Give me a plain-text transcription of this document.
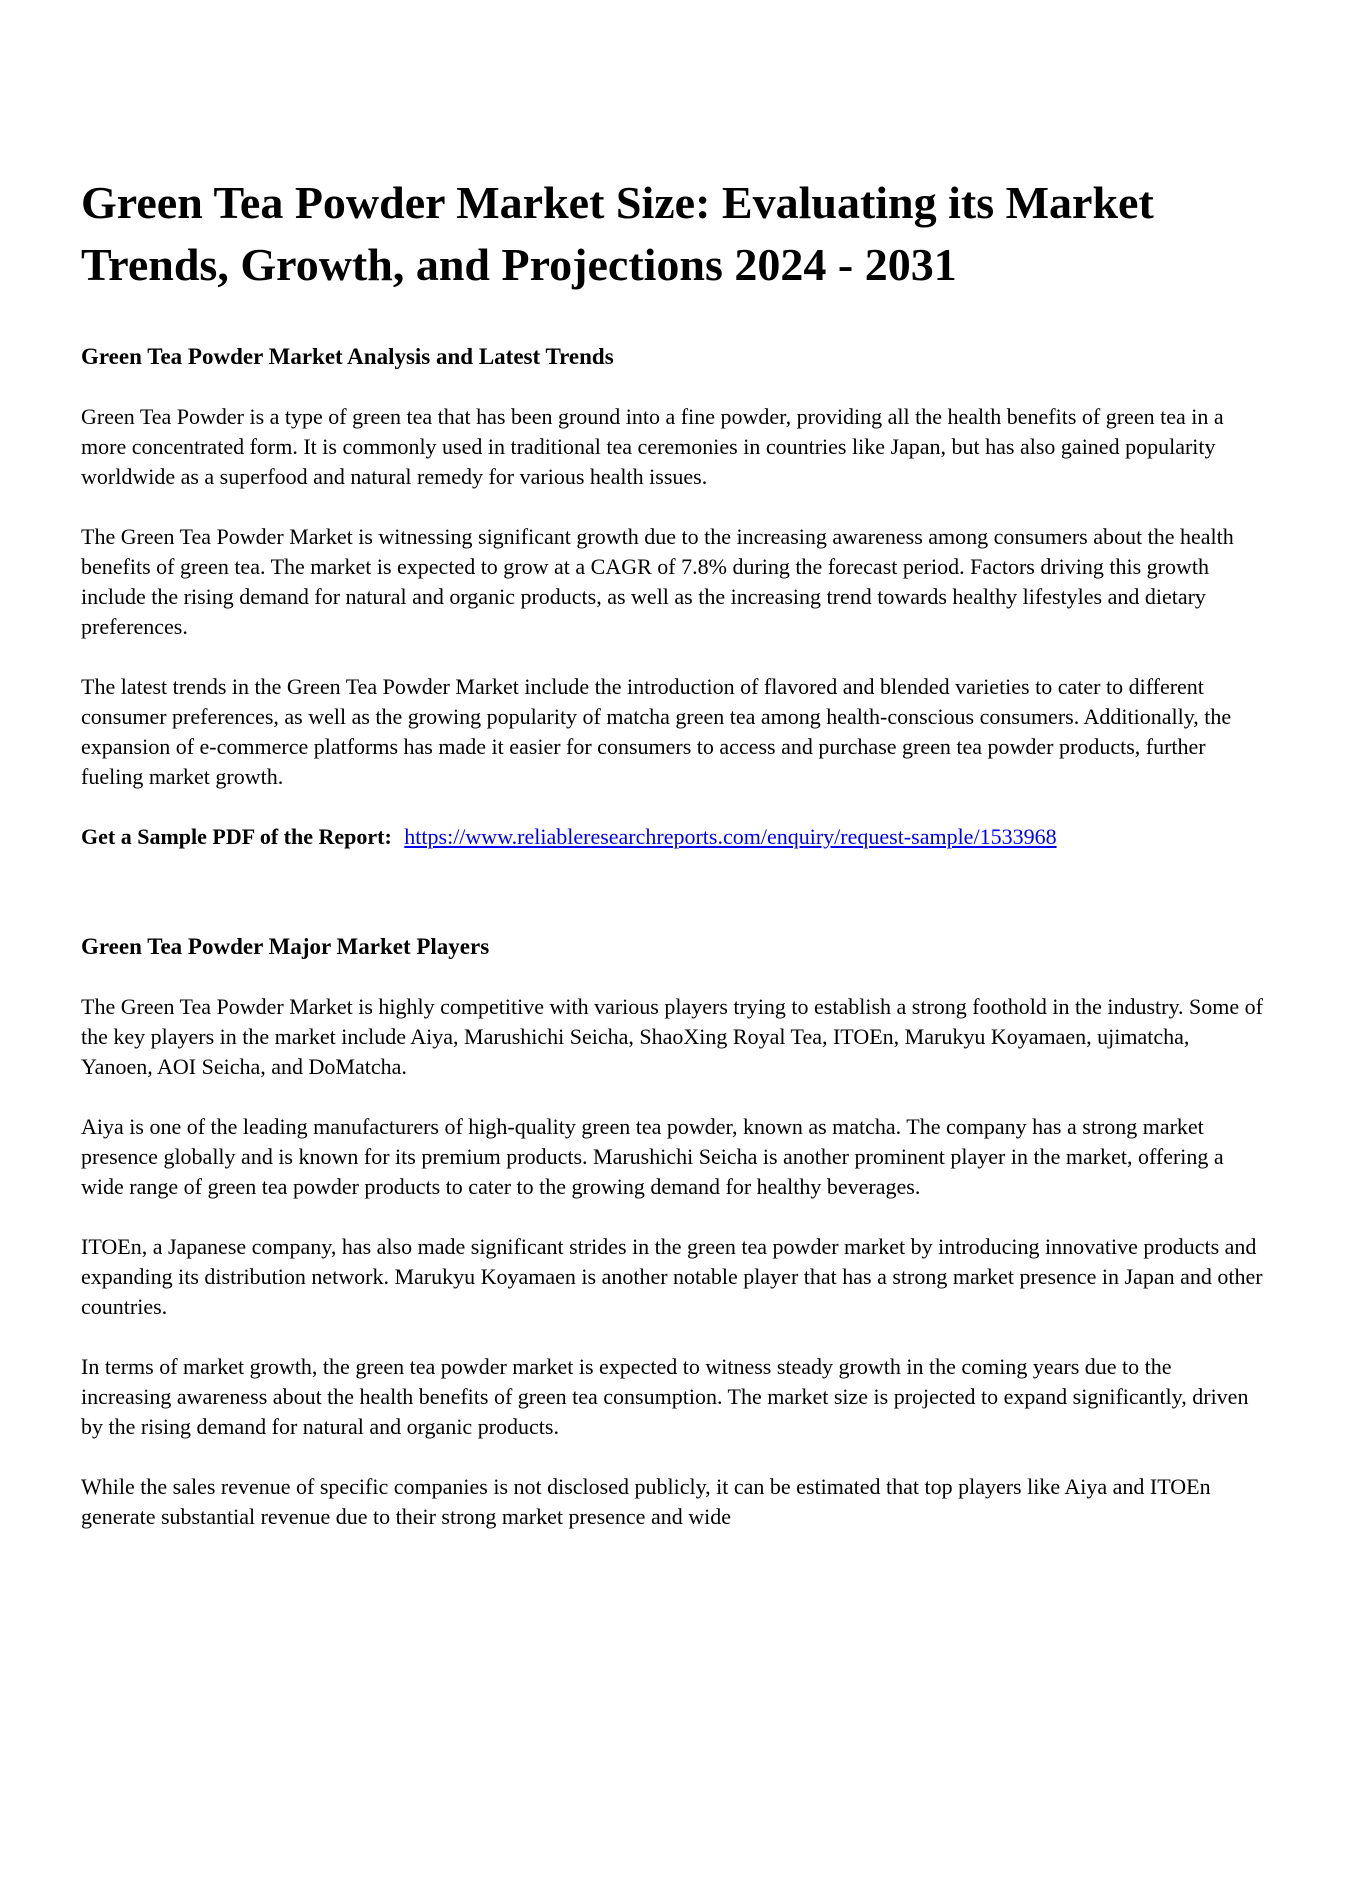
Green Tea Powder Market Size: Evaluating its Market Trends, Growth, and Projections 2024 - 2031
Green Tea Powder Market Analysis and Latest Trends

Green Tea Powder is a type of green tea that has been ground into a fine powder, providing all the health benefits of green tea in a more concentrated form. It is commonly used in traditional tea ceremonies in countries like Japan, but has also gained popularity worldwide as a superfood and natural remedy for various health issues.

The Green Tea Powder Market is witnessing significant growth due to the increasing awareness among consumers about the health benefits of green tea. The market is expected to grow at a CAGR of 7.8% during the forecast period. Factors driving this growth include the rising demand for natural and organic products, as well as the increasing trend towards healthy lifestyles and dietary preferences.

The latest trends in the Green Tea Powder Market include the introduction of flavored and blended varieties to cater to different consumer preferences, as well as the growing popularity of matcha green tea among health-conscious consumers. Additionally, the expansion of e-commerce platforms has made it easier for consumers to access and purchase green tea powder products, further fueling market growth.

Get a Sample PDF of the Report: https://www.reliableresearchreports.com/enquiry/request-sample/1533968

Green Tea Powder Major Market Players

The Green Tea Powder Market is highly competitive with various players trying to establish a strong foothold in the industry. Some of the key players in the market include Aiya, Marushichi Seicha, ShaoXing Royal Tea, ITOEn, Marukyu Koyamaen, ujimatcha, Yanoen, AOI Seicha, and DoMatcha.

Aiya is one of the leading manufacturers of high-quality green tea powder, known as matcha. The company has a strong market presence globally and is known for its premium products. Marushichi Seicha is another prominent player in the market, offering a wide range of green tea powder products to cater to the growing demand for healthy beverages.

ITOEn, a Japanese company, has also made significant strides in the green tea powder market by introducing innovative products and expanding its distribution network. Marukyu Koyamaen is another notable player that has a strong market presence in Japan and other countries.

In terms of market growth, the green tea powder market is expected to witness steady growth in the coming years due to the increasing awareness about the health benefits of green tea consumption. The market size is projected to expand significantly, driven by the rising demand for natural and organic products.

While the sales revenue of specific companies is not disclosed publicly, it can be estimated that top players like Aiya and ITOEn generate substantial revenue due to their strong market presence and wide
